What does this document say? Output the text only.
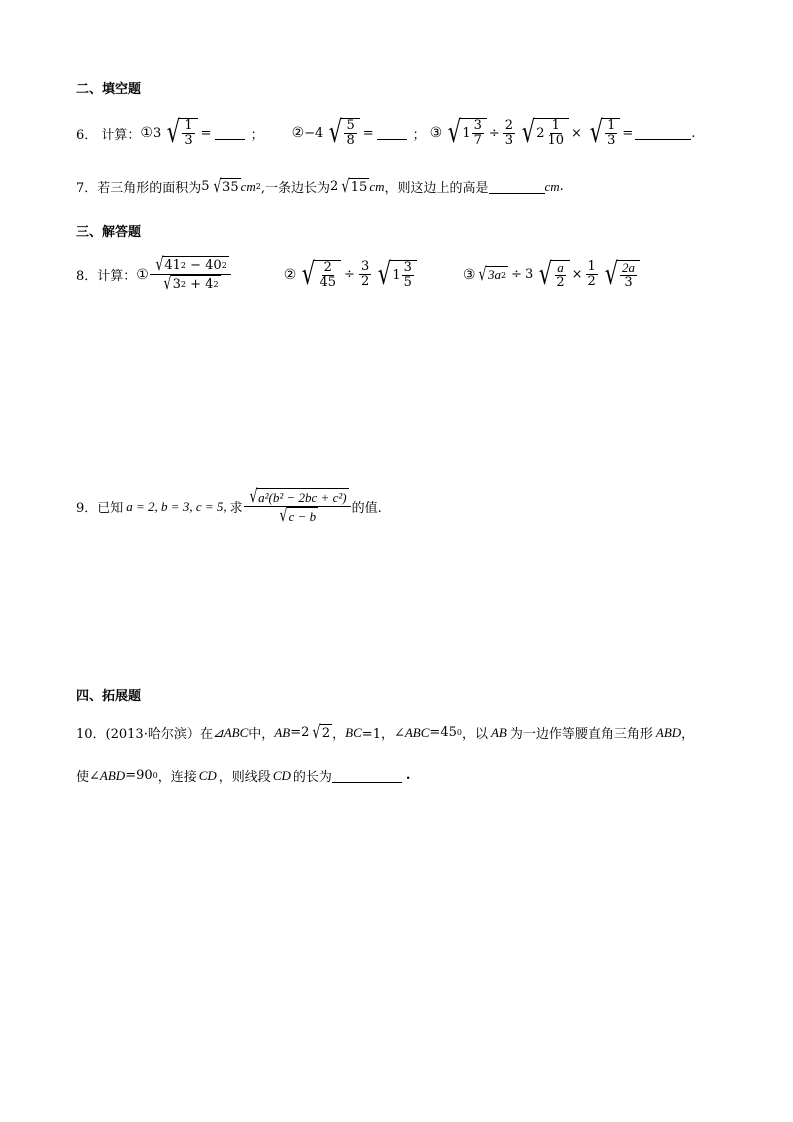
二、填空题
6． 计算： ① 3 √ $\frac{1}{3}$ =	； ② −4 √ $\frac{5}{8}$ =	； ③ √ $1 \frac{3}{7} \div \frac{2}{3}$ √ $2 \frac{1}{10}$ × √ $\frac{1}{3}$ =	.
7．若三角形的面积为 5 √ 35 cm 2 ,一条边长为 2 √ 15 cm ，则这边上的高是	cm .
三、解答题
8．计算： ① √ 41 2
−
40 2
√ 3 2
+
4 2	② √ $\frac{2}{45} \div \frac{3}{2}$ √ $1 \frac{3}{5}$	③ √ 3a 2 ÷ 3 √ $\frac{a}{2} \times \frac{1}{2}$ √ $\frac{2a}{3}$
9．已知 a = 2, b = 3, c = 5, 求 $\frac{\text{√ a²(b² − 2bc + c²)}}{√ c - b}$ 的值.
四、拓展题
10．(2013·哈尔滨）在 ⊿ABC 中， AB = 2 √ 2 ， BC =1， ∠ABC =45 0 ，以 AB 为一边作等腰直角三角形 ABD ，
使 ∠ABD =90 0 ，连接 CD ，则线段 CD 的长为	.
